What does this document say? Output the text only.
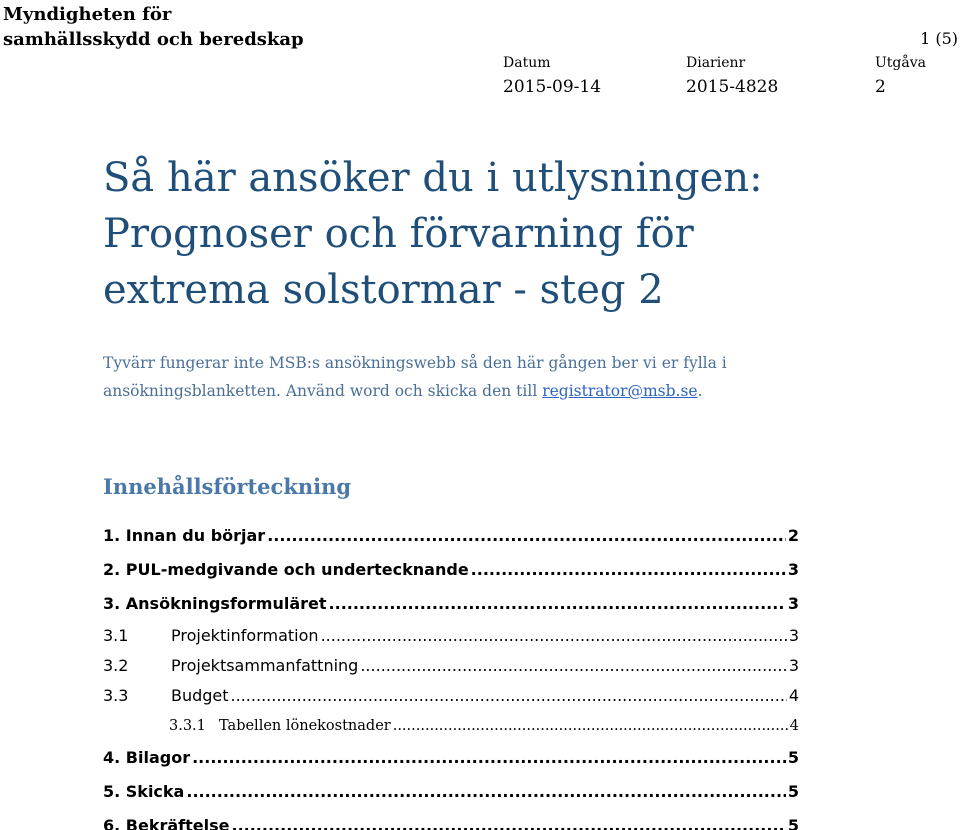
Myndigheten för
samhällsskydd och beredskap	1 (5)
Datum
2015-09-14
Diarienr
2015-4828
Utgåva
2
Så här ansöker du i utlysningen:
Prognoser och förvarning för
extrema solstormar - steg 2
Tyvärr fungerar inte MSB:s ansökningswebb så den här gången ber vi er fylla i
ansökningsblanketten. Använd word och skicka den till registrator@msb.se.
Innehållsförteckning
1. Innan du börjar .....	2
2. PUL-medgivande och undertecknande .....	3
3. Ansökningsformuläret .....	3
3.1	Projektinformation .....	3
3.2	Projektsammanfattning .....	3
3.3	Budget .....	4
3.3.1 Tabellen lönekostnader .....	4
4. Bilagor .....	5
5. Skicka .....	5
6. Bekräftelse .....	5
